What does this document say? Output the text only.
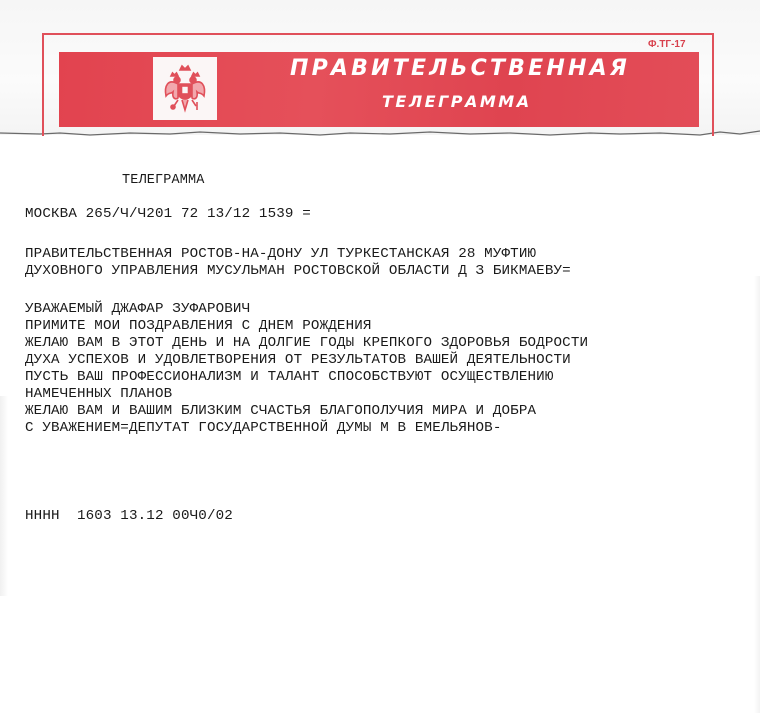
Ф.ТГ-17
ПРАВИТЕЛЬСТВЕННАЯ
ТЕЛЕГРАММА
ТЕЛЕГРАММА
МОСКВА 265/Ч/Ч201 72 13/12 1539 =
ПРАВИТЕЛЬСТВЕННАЯ РОСТОВ-НА-ДОНУ УЛ ТУРКЕСТАНСКАЯ 28 МУФТИЮ
ДУХОВНОГО УПРАВЛЕНИЯ МУСУЛЬМАН РОСТОВСКОЙ ОБЛАСТИ Д З БИКМАЕВУ=
УВАЖАЕМЫЙ ДЖАФАР ЗУФАРОВИЧ
ПРИМИТЕ МОИ ПОЗДРАВЛЕНИЯ С ДНЕМ РОЖДЕНИЯ
ЖЕЛАЮ ВАМ В ЭТОТ ДЕНЬ И НА ДОЛГИЕ ГОДЫ КРЕПКОГО ЗДОРОВЬЯ БОДРОСТИ
ДУХА УСПЕХОВ И УДОВЛЕТВОРЕНИЯ ОТ РЕЗУЛЬТАТОВ ВАШЕЙ ДЕЯТЕЛЬНОСТИ
ПУСТЬ ВАШ ПРОФЕССИОНАЛИЗМ И ТАЛАНТ СПОСОБСТВУЮТ ОСУЩЕСТВЛЕНИЮ
НАМЕЧЕННЫХ ПЛАНОВ
ЖЕЛАЮ ВАМ И ВАШИМ БЛИЗКИМ СЧАСТЬЯ БЛАГОПОЛУЧИЯ МИРА И ДОБРА
С УВАЖЕНИЕМ=ДЕПУТАТ ГОСУДАРСТВЕННОЙ ДУМЫ М В ЕМЕЛЬЯНОВ-
НННН  1603 13.12 00Ч0/02
